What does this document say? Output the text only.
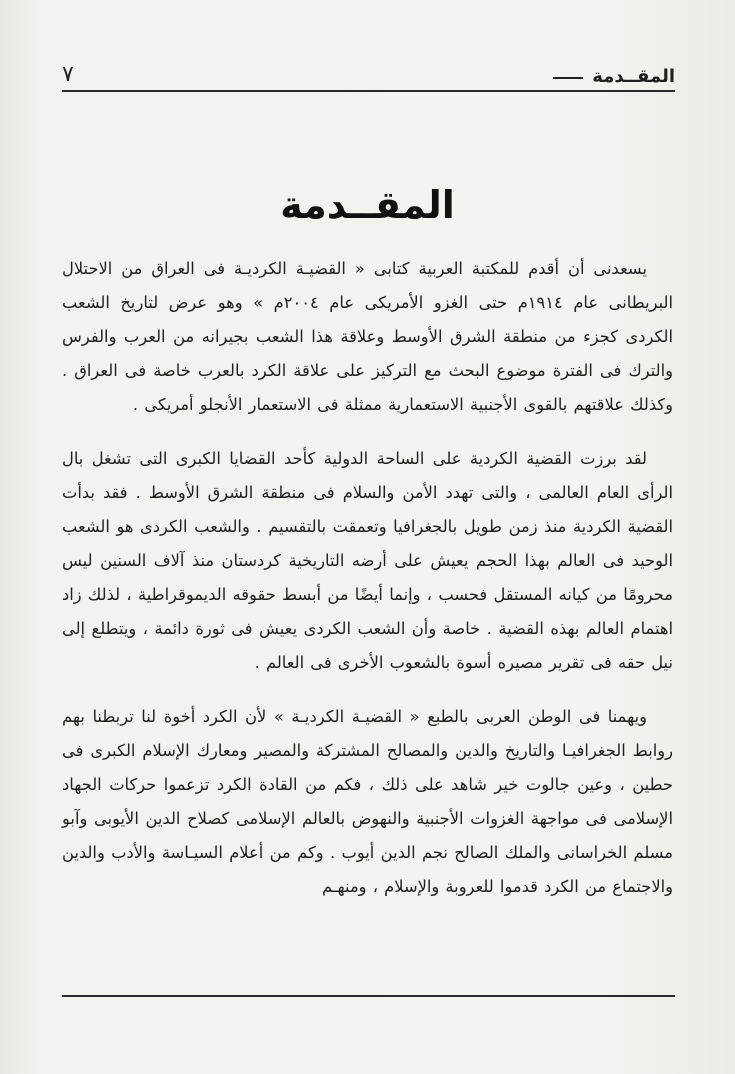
المقــدمة
٧
المقــدمة

يسعدنى أن أقدم للمكتبة العربية كتابى « القضيـة الكرديـة فى العراق من الاحتلال البريطانى عام ١٩١٤م حتى الغزو الأمريكى عام ٢٠٠٤م » وهو عرض لتاريخ الشعب الكردى كجزء من منطقة الشرق الأوسط وعلاقة هذا الشعب بجيرانه من العرب والفرس والترك فى الفترة موضوع البحث مع التركيز على علاقة الكرد بالعرب خاصة فى العراق . وكذلك علاقتهم بالقوى الأجنبية الاستعمارية ممثلة فى الاستعمار الأنجلو أمريكى .

لقد برزت القضية الكردية على الساحة الدولية كأحد القضايا الكبرى التى تشغل بال الرأى العام العالمى ، والتى تهدد الأمن والسلام فى منطقة الشرق الأوسط . فقد بدأت القضية الكردية منذ زمن طويل بالجغرافيا وتعمقت بالتقسيم . والشعب الكردى هو الشعب الوحيد فى العالم بهذا الحجم يعيش على أرضه التاريخية كردستان منذ آلاف السنين ليس محرومًا من كيانه المستقل فحسب ، وإنما أيضًا من أبسط حقوقه الديموقراطية ، لذلك زاد اهتمام العالم بهذه القضية . خاصة وأن الشعب الكردى يعيش فى ثورة دائمة ، ويتطلع إلى نيل حقه فى تقرير مصيره أسوة بالشعوب الأخرى فى العالم .

ويهمنا فى الوطن العربى بالطبع « القضيـة الكرديـة » لأن الكرد أخوة لنا تربطنا بهم روابط الجغرافيـا والتاريخ والدين والمصالح المشتركة والمصير ومعارك الإسلام الكبرى فى حطين ، وعين جالوت خير شاهد على ذلك ، فكم من القادة الكرد تزعموا حركات الجهاد الإسلامى فى مواجهة الغزوات الأجنبية والنهوض بالعالم الإسلامى كصلاح الدين الأيوبى وآبو مسلم الخراسانى والملك الصالح نجم الدين أيوب . وكم من أعلام السيـاسة والأدب والدين والاجتماع من الكرد قدموا للعروبة والإسلام ، ومنهـم
